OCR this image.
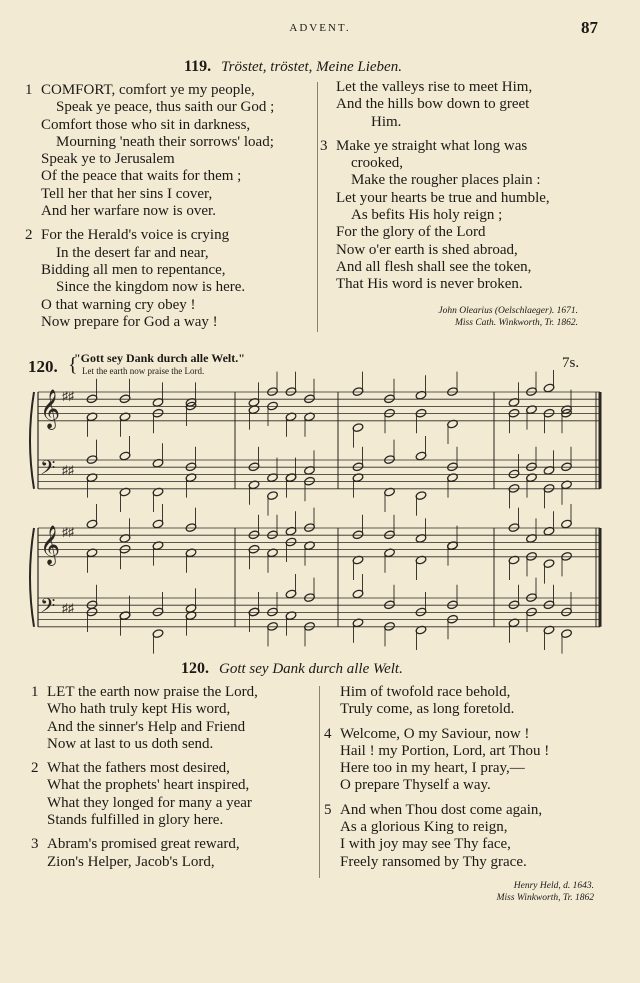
ADVENT.	87
119. Tröstet, tröstet, Meine Lieben.
1 COMFORT, comfort ye my people,
Speak ye peace, thus saith our God ;
Comfort those who sit in darkness,
Mourning 'neath their sorrows' load;
Speak ye to Jerusalem
Of the peace that waits for them ;
Tell her that her sins I cover,
And her warfare now is over.
2 For the Herald's voice is crying
In the desert far and near,
Bidding all men to repentance,
Since the kingdom now is here.
O that warning cry obey !
Now prepare for God a way !
Let the valleys rise to meet Him,
And the hills bow down to greet
Him.
3 Make ye straight what long was
crooked,
Make the rougher places plain :
Let your hearts be true and humble,
As befits His holy reign ;
For the glory of the Lord
Now o'er earth is shed abroad,
And all flesh shall see the token,
That His word is never broken.
John Olearius (Oelschlaeger). 1671.
Miss Cath. Winkworth, Tr. 1862.
120. {
"Gott sey Dank durch alle Welt."
Let the earth now praise the Lord.	7s.
𝄞 ♯♯
𝄢 ♯♯
𝄞 ♯♯
𝄢 ♯♯
120. Gott sey Dank durch alle Welt.
1 LET the earth now praise the Lord,
Who hath truly kept His word,
And the sinner's Help and Friend
Now at last to us doth send.
2 What the fathers most desired,
What the prophets' heart inspired,
What they longed for many a year
Stands fulfilled in glory here.
3 Abram's promised great reward,
Zion's Helper, Jacob's Lord,
Him of twofold race behold,
Truly come, as long foretold.
4 Welcome, O my Saviour, now !
Hail ! my Portion, Lord, art Thou !
Here too in my heart, I pray,—
O prepare Thyself a way.
5 And when Thou dost come again,
As a glorious King to reign,
I with joy may see Thy face,
Freely ransomed by Thy grace.
Henry Held, d. 1643.
Miss Winkworth, Tr. 1862
